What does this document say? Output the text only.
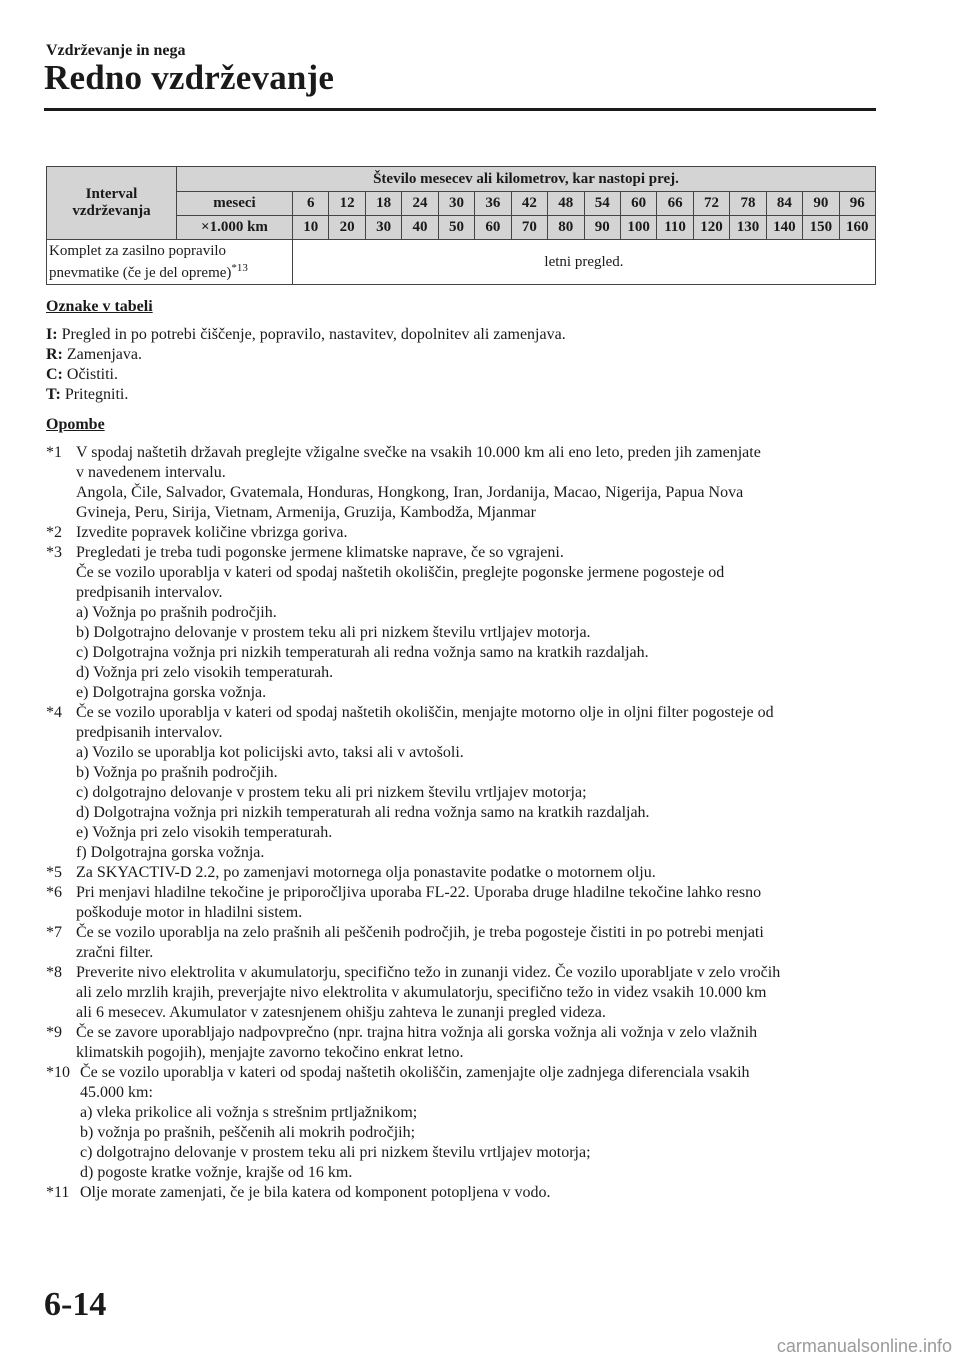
Vzdrževanje in nega
Redno vzdrževanje
Interval
vzdrževanja	Število mesecev ali kilometrov, kar nastopi prej.																
	meseci	6	12	18	24	30	36	42	48	54	60	66	72	78	84	90	96
	×1.000 km	10	20	30	40	50	60	70	80	90	100	110	120	130	140	150	160
Komplet za zasilno popravilo
pnevmatike (če je del opreme)$^{*13}$		letni pregled.															

Oznake v tabeli

I: Pregled in po potrebi čiščenje, popravilo, nastavitev, dopolnitev ali zamenjava.

R: Zamenjava.

C: Očistiti.

T: Pritegniti.

Opombe

*1 V spodaj naštetih državah preglejte vžigalne svečke na vsakih 10.000 km ali eno leto, preden jih zamenjate

v navedenem intervalu.

Angola, Čile, Salvador, Gvatemala, Honduras, Hongkong, Iran, Jordanija, Macao, Nigerija, Papua Nova

Gvineja, Peru, Sirija, Vietnam, Armenija, Gruzija, Kambodža, Mjanmar

*2 Izvedite popravek količine vbrizga goriva.

*3 Pregledati je treba tudi pogonske jermene klimatske naprave, če so vgrajeni.

Če se vozilo uporablja v kateri od spodaj naštetih okoliščin, preglejte pogonske jermene pogosteje od

predpisanih intervalov.

a) Vožnja po prašnih področjih.

b) Dolgotrajno delovanje v prostem teku ali pri nizkem številu vrtljajev motorja.

c) Dolgotrajna vožnja pri nizkih temperaturah ali redna vožnja samo na kratkih razdaljah.

d) Vožnja pri zelo visokih temperaturah.

e) Dolgotrajna gorska vožnja.

*4 Če se vozilo uporablja v kateri od spodaj naštetih okoliščin, menjajte motorno olje in oljni filter pogosteje od

predpisanih intervalov.

a) Vozilo se uporablja kot policijski avto, taksi ali v avtošoli.

b) Vožnja po prašnih področjih.

c) dolgotrajno delovanje v prostem teku ali pri nizkem številu vrtljajev motorja;

d) Dolgotrajna vožnja pri nizkih temperaturah ali redna vožnja samo na kratkih razdaljah.

e) Vožnja pri zelo visokih temperaturah.

f) Dolgotrajna gorska vožnja.

*5 Za SKYACTIV-D 2.2, po zamenjavi motornega olja ponastavite podatke o motornem olju.

*6 Pri menjavi hladilne tekočine je priporočljiva uporaba FL-22. Uporaba druge hladilne tekočine lahko resno

poškoduje motor in hladilni sistem.

*7 Če se vozilo uporablja na zelo prašnih ali peščenih področjih, je treba pogosteje čistiti in po potrebi menjati

zračni filter.

*8 Preverite nivo elektrolita v akumulatorju, specifično težo in zunanji videz. Če vozilo uporabljate v zelo vročih

ali zelo mrzlih krajih, preverjajte nivo elektrolita v akumulatorju, specifično težo in videz vsakih 10.000 km

ali 6 mesecev. Akumulator v zatesnjenem ohišju zahteva le zunanji pregled videza.

*9 Če se zavore uporabljajo nadpovprečno (npr. trajna hitra vožnja ali gorska vožnja ali vožnja v zelo vlažnih

klimatskih pogojih), menjajte zavorno tekočino enkrat letno.

*10 Če se vozilo uporablja v kateri od spodaj naštetih okoliščin, zamenjajte olje zadnjega diferenciala vsakih

45.000 km:

a) vleka prikolice ali vožnja s strešnim prtljažnikom;

b) vožnja po prašnih, peščenih ali mokrih področjih;

c) dolgotrajno delovanje v prostem teku ali pri nizkem številu vrtljajev motorja;

d) pogoste kratke vožnje, krajše od 16 km.

*11 Olje morate zamenjati, če je bila katera od komponent potopljena v vodo.

6-14
carmanualsonline.info
